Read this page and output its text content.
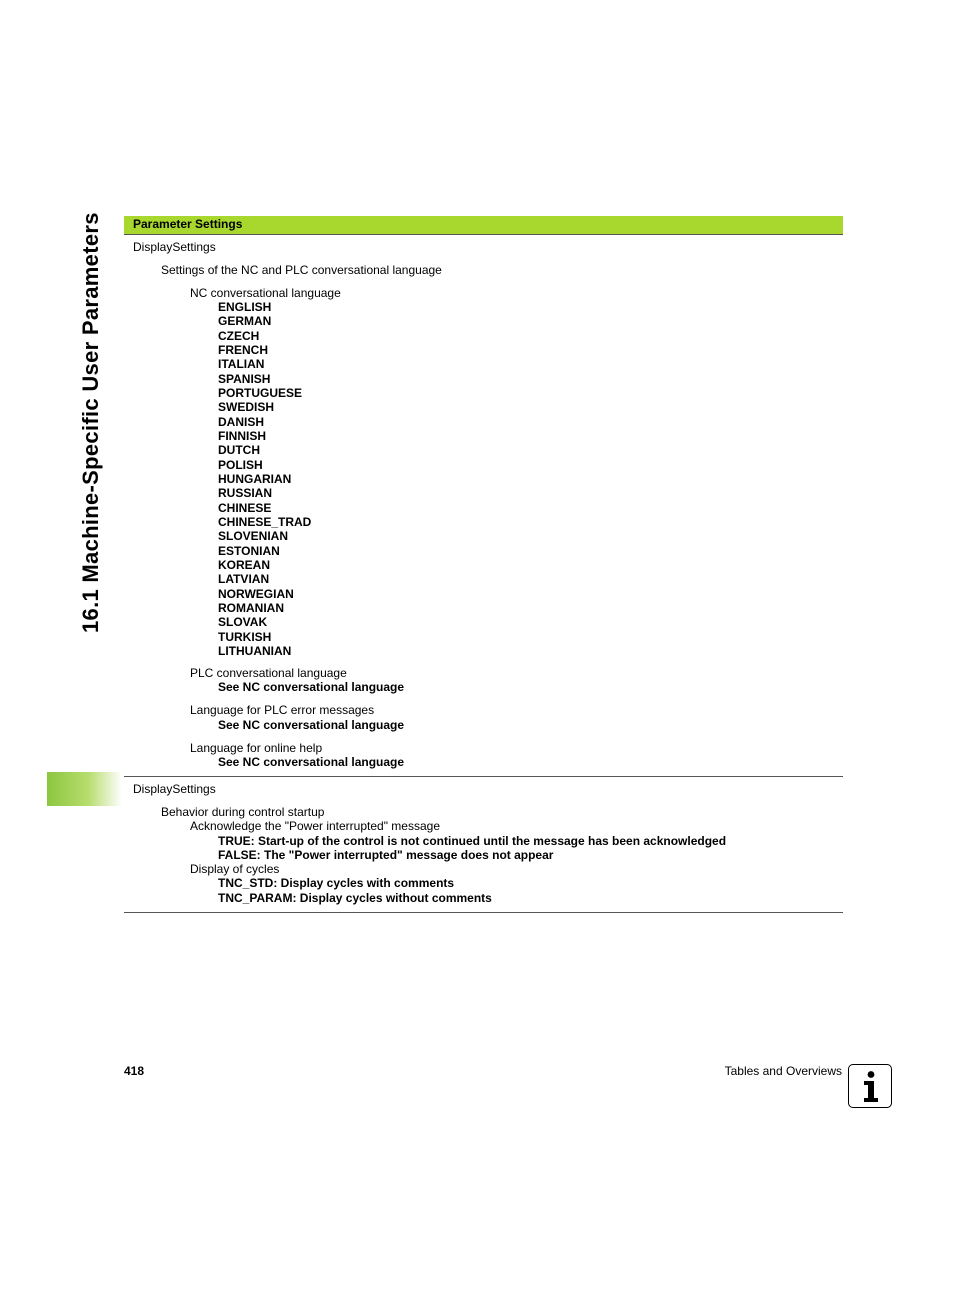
16.1 Machine-Specific User Parameters	Parameter Settings
DisplaySettings
Settings of the NC and PLC conversational language
NC conversational language
ENGLISH
GERMAN
CZECH
FRENCH
ITALIAN
SPANISH
PORTUGUESE
SWEDISH
DANISH
FINNISH
DUTCH
POLISH
HUNGARIAN
RUSSIAN
CHINESE
CHINESE_TRAD
SLOVENIAN
ESTONIAN
KOREAN
LATVIAN
NORWEGIAN
ROMANIAN
SLOVAK
TURKISH
LITHUANIAN
PLC conversational language
See NC conversational language
Language for PLC error messages
See NC conversational language
Language for online help
See NC conversational language
DisplaySettings
Behavior during control startup
Acknowledge the "Power interrupted" message
TRUE: Start-up of the control is not continued until the message has been acknowledged
FALSE: The "Power interrupted" message does not appear
Display of cycles
TNC_STD: Display cycles with comments
TNC_PARAM: Display cycles without comments
418	Tables and Overviews
